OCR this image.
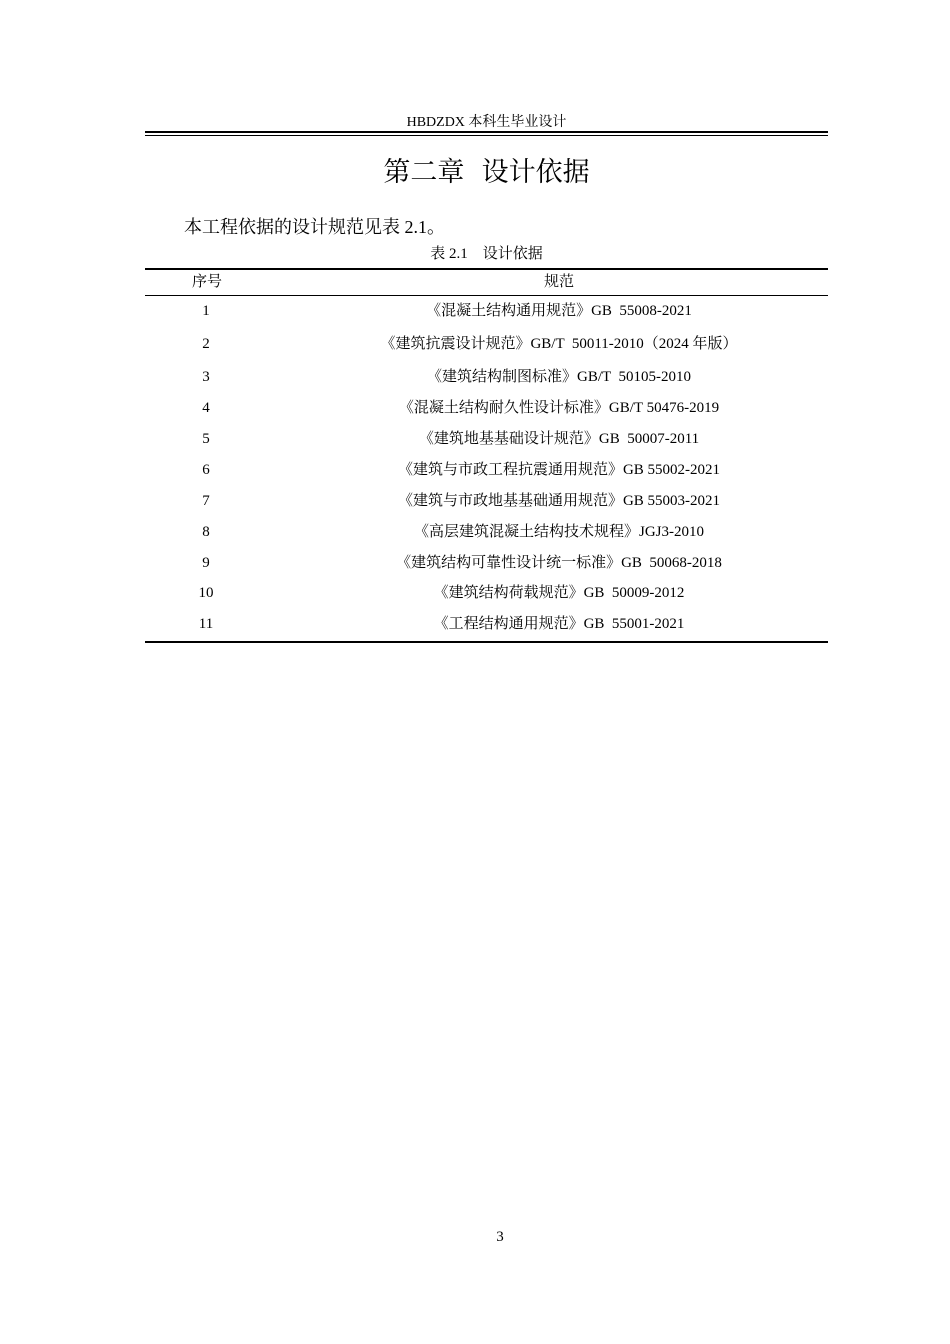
HBDZDX 本科生毕业设计
第二章  设计依据
本工程依据的设计规范见表 2.1。
表 2.1    设计依据
序号	规范
1	《混凝土结构通用规范》GB  55008-2021
2	《建筑抗震设计规范》GB/T  50011-2010（2024 年版）
3	《建筑结构制图标准》GB/T  50105-2010
4	《混凝土结构耐久性设计标准》GB/T 50476-2019
5	《建筑地基基础设计规范》GB  50007-2011
6	《建筑与市政工程抗震通用规范》GB 55002-2021
7	《建筑与市政地基基础通用规范》GB 55003-2021
8	《高层建筑混凝土结构技术规程》JGJ3-2010
9	《建筑结构可靠性设计统一标准》GB  50068-2018
10	《建筑结构荷载规范》GB  50009-2012
11	《工程结构通用规范》GB  55001-2021
3
